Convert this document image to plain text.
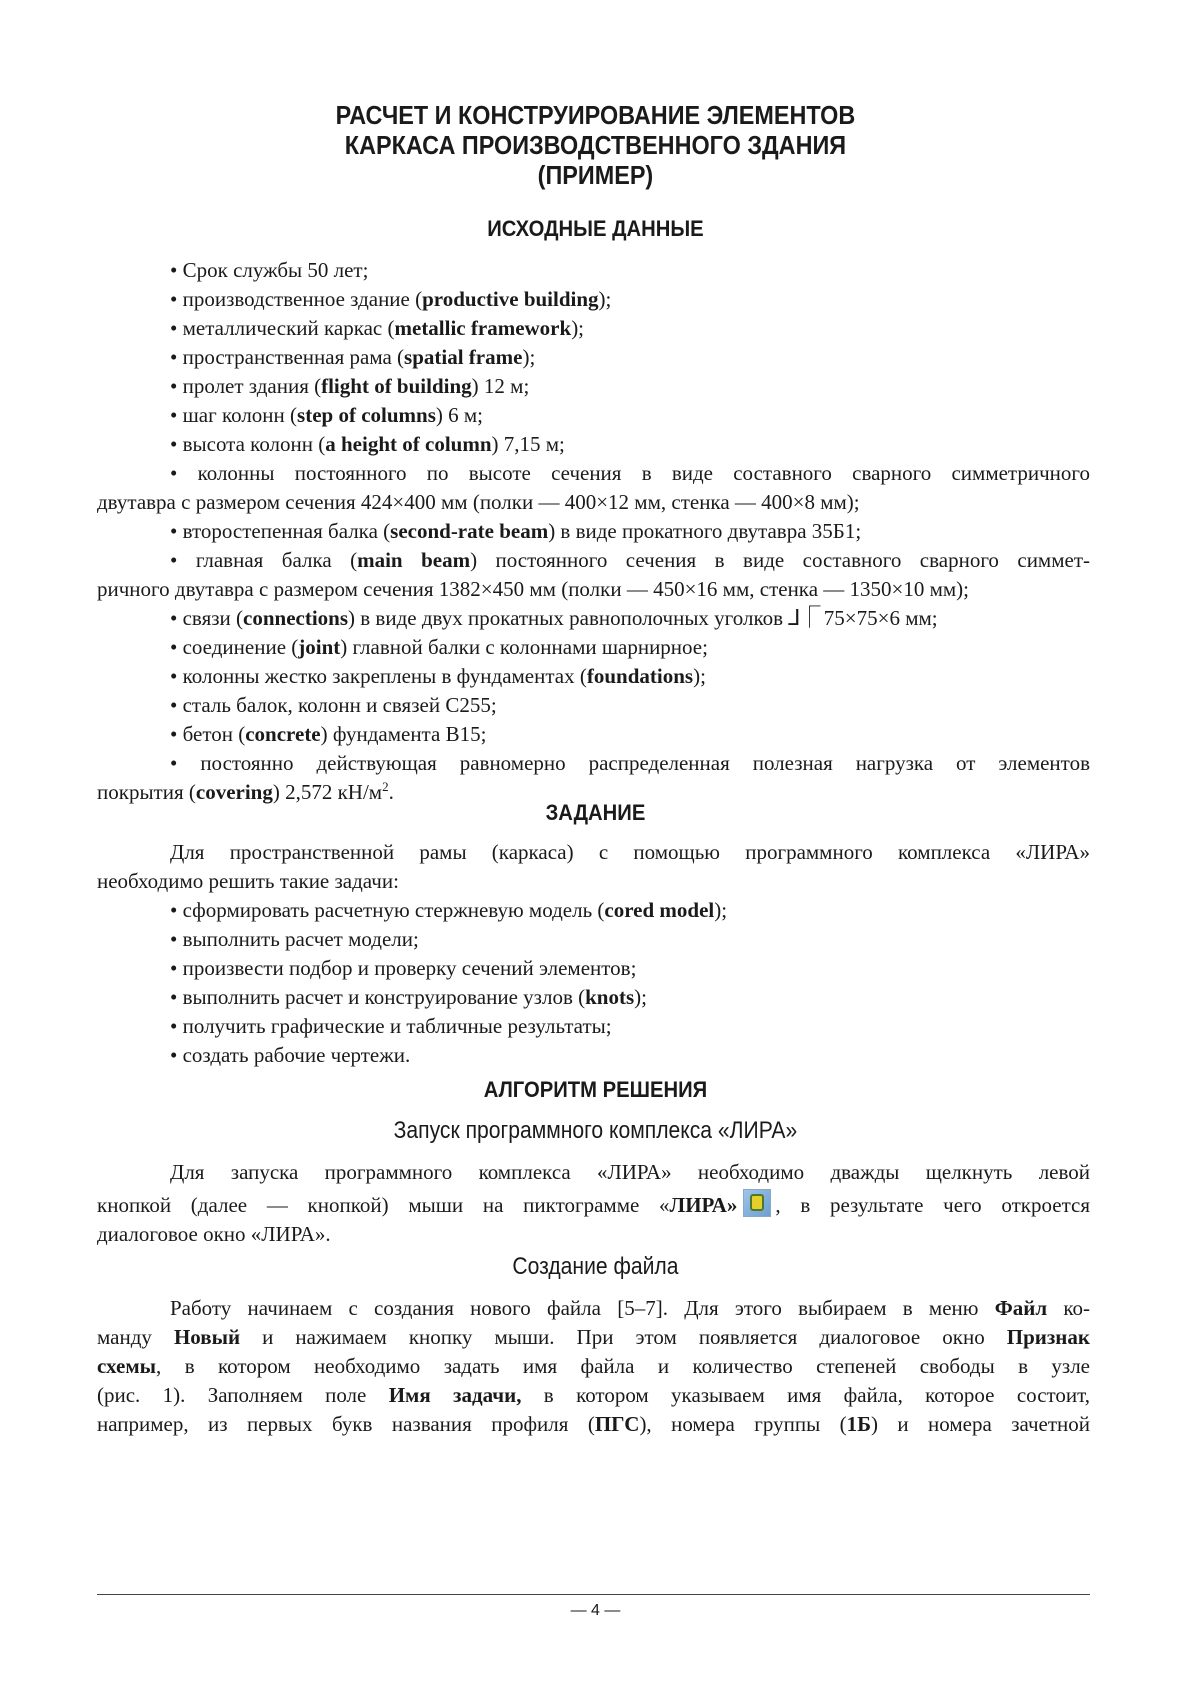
РАСЧЕТ И КОНСТРУИРОВАНИЕ ЭЛЕМЕНТОВ
КАРКАСА ПРОИЗВОДСТВЕННОГО ЗДАНИЯ
(ПРИМЕР)
ИСХОДНЫЕ ДАННЫЕ
• Срок службы 50 лет;
• производственное здание (productive building);
• металлический каркас (metallic framework);
• пространственная рама (spatial frame);
• пролет здания (flight of building) 12 м;
• шаг колонн (step of columns) 6 м;
• высота колонн (a height of column) 7,15 м;
• колонны постоянного по высоте сечения в виде составного сварного симметричного
двутавра с размером сечения 424×400 мм (полки — 400×12 мм, стенка — 400×8 мм);
• второстепенная балка (second-rate beam) в виде прокатного двутавра 35Б1;
• главная балка (main beam) постоянного сечения в виде составного сварного симмет-
ричного двутавра с размером сечения 1382×450 мм (полки — 450×16 мм, стенка — 1350×10 мм);
• связи (connections) в виде двух прокатных равнополочных уголков ⅃⎾ 75×75×6 мм;
• соединение (joint) главной балки с колоннами шарнирное;
• колонны жестко закреплены в фундаментах (foundations);
• сталь балок, колонн и связей С255;
• бетон (concrete) фундамента В15;
• постоянно действующая равномерно распределенная полезная нагрузка от элементов
покрытия (covering) 2,572 $кН/м^2$.
ЗАДАНИЕ
Для пространственной рамы (каркаса) с помощью программного комплекса «ЛИРА»
необходимо решить такие задачи:
• сформировать расчетную стержневую модель (cored model);
• выполнить расчет модели;
• произвести подбор и проверку сечений элементов;
• выполнить расчет и конструирование узлов (knots);
• получить графические и табличные результаты;
• создать рабочие чертежи.
АЛГОРИТМ РЕШЕНИЯ
Запуск программного комплекса «ЛИРА»
Для запуска программного комплекса «ЛИРА» необходимо дважды щелкнуть левой
кнопкой (далее — кнопкой) мыши на пиктограмме «ЛИРА» , в результате чего откроется
диалоговое окно «ЛИРА».
Создание файла
Работу начинаем с создания нового файла [5–7]. Для этого выбираем в меню Файл ко-
манду Новый и нажимаем кнопку мыши. При этом появляется диалоговое окно Признак
схемы, в котором необходимо задать имя файла и количество степеней свободы в узле
(рис. 1). Заполняем поле Имя задачи, в котором указываем имя файла, которое состоит,
например, из первых букв названия профиля (ПГС), номера группы (1Б) и номера зачетной
— 4 —
